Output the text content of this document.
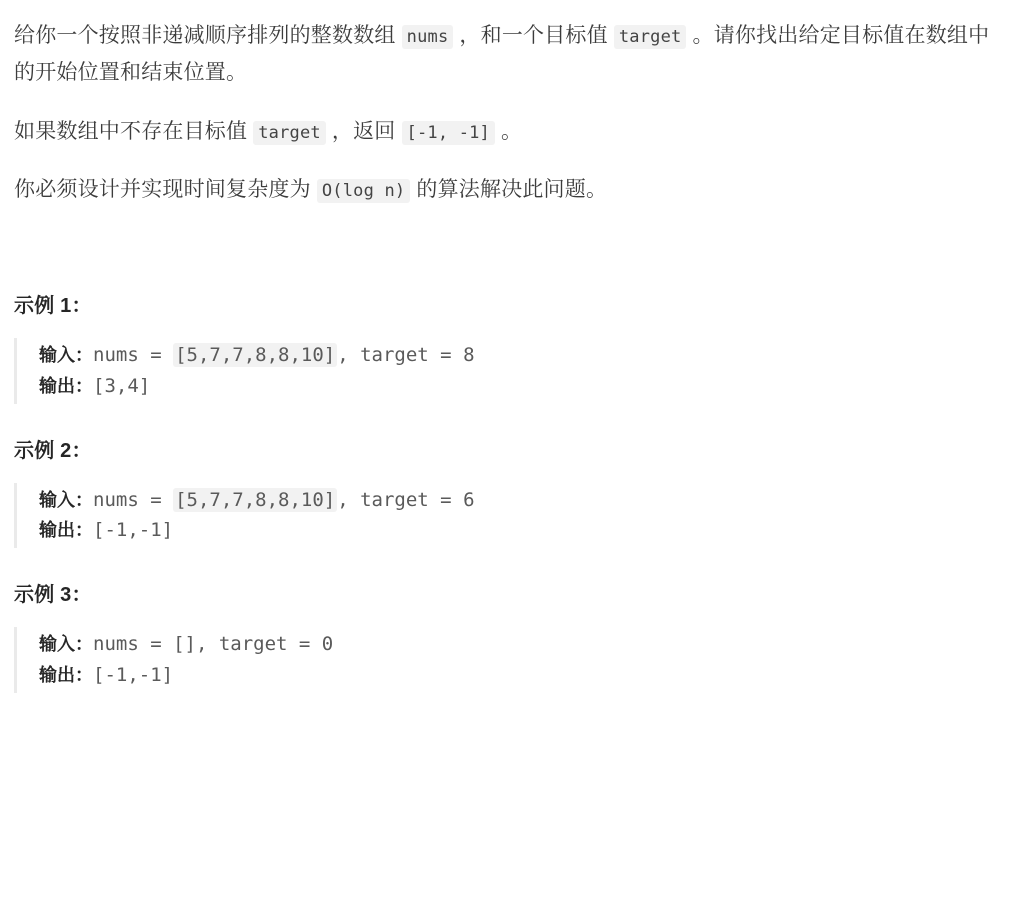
给你一个按照非递减顺序排列的整数数组 nums ，和一个目标值 target 。请你找出给定目标值在数组中的开始位置和结束位置。

如果数组中不存在目标值 target ，返回 [-1, -1] 。

你必须设计并实现时间复杂度为 O(log n) 的算法解决此问题。

示例 1：
输入：nums = [5,7,7,8,8,10] , target = 8
输出：[3,4]
示例 2：
输入：nums = [5,7,7,8,8,10] , target = 6
输出：[-1,-1]
示例 3：
输入：nums = [], target = 0
输出：[-1,-1]
